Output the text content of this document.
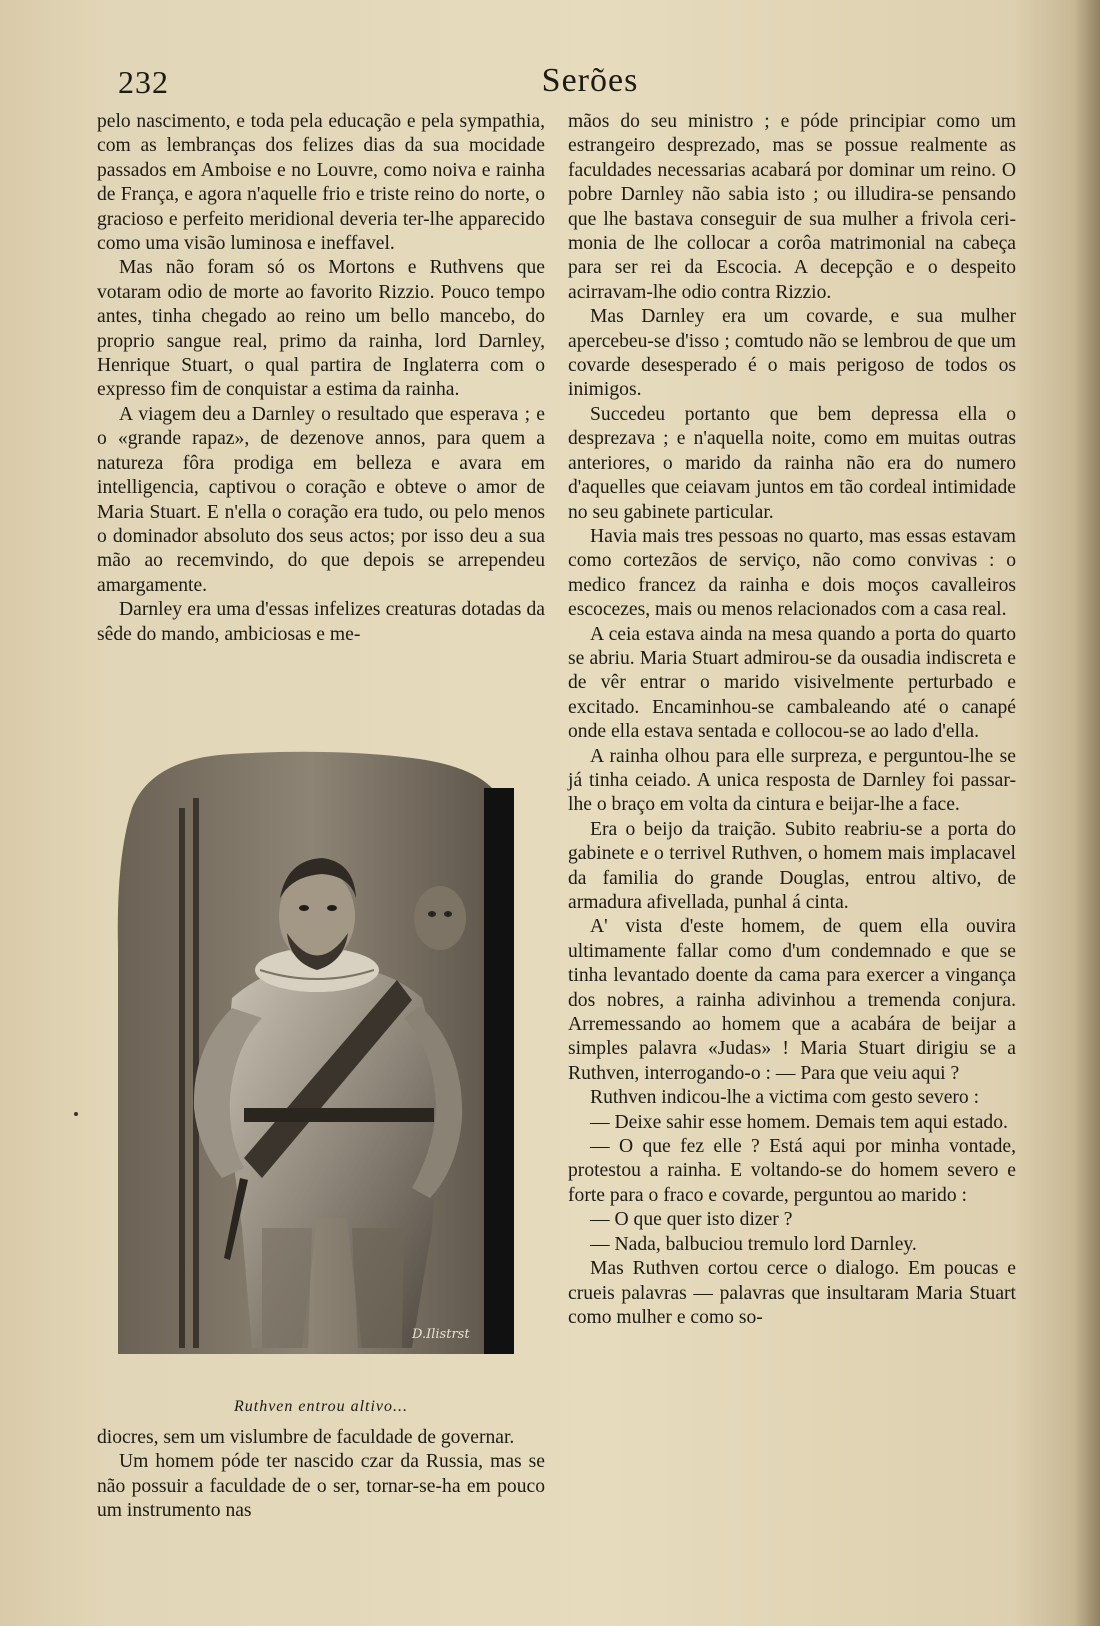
232	Serões

pelo nascimento, e toda pela educação e pela sympathia, com as lembranças dos felizes dias da sua mocidade passados em Amboise e no Louvre, como noiva e rainha de França, e agora n'aquelle frio e triste reino do norte, o gracioso e perfeito meridional deveria ter-lhe apparecido como uma visão luminosa e ineffavel.

Mas não foram só os Mortons e Ruthvens que votaram odio de morte ao favorito Rizzio. Pouco tempo antes, tinha chegado ao reino um bello mancebo, do proprio sangue real, primo da rainha, lord Darnley, Henrique Stuart, o qual partira de Inglaterra com o expresso fim de conquistar a estima da rainha.

A viagem deu a Darnley o resultado que esperava ; e o «grande rapaz», de dezenove annos, para quem a natureza fôra prodiga em belleza e avara em intelligencia, captivou o coração e obteve o amor de Maria Stuart. E n'ella o coração era tudo, ou pelo menos o dominador absoluto dos seus actos; por isso deu a sua mão ao recemvindo, do que depois se arrependeu amargamente.

Darnley era uma d'essas infelizes creaturas dotadas da sêde do mando, ambiciosas e me-

diocres, sem um vislumbre de faculdade de governar.

Um homem póde ter nascido czar da Russia, mas se não possuir a faculdade de o ser, tornar-se-ha em pouco um instrumento nas

D.Ilistrst
Ruthven entrou altivo...

mãos do seu ministro ; e póde principiar como um estrangeiro desprezado, mas se possue realmente as faculdades necessarias acabará por dominar um reino. O pobre Darnley não sabia isto ; ou illudira-se pensando que lhe bastava conseguir de sua mulher a frivola ceri-monia de lhe collocar a corôa matrimonial na cabeça para ser rei da Escocia. A decepção e o despeito acirravam-lhe odio contra Rizzio.

Mas Darnley era um covarde, e sua mulher apercebeu-se d'isso ; comtudo não se lembrou de que um covarde desesperado é o mais perigoso de todos os inimigos.

Succedeu portanto que bem depressa ella o desprezava ; e n'aquella noite, como em muitas outras anteriores, o marido da rainha não era do numero d'aquelles que ceiavam juntos em tão cordeal intimidade no seu gabinete particular.

Havia mais tres pessoas no quarto, mas essas estavam como cortezãos de serviço, não como convivas : o medico francez da rainha e dois moços cavalleiros escocezes, mais ou menos relacionados com a casa real.

A ceia estava ainda na mesa quando a porta do quarto se abriu. Maria Stuart admirou-se da ousadia indiscreta e de vêr entrar o marido visivelmente perturbado e excitado. Encaminhou-se cambaleando até o canapé onde ella estava sentada e collocou-se ao lado d'ella.

A rainha olhou para elle surpreza, e perguntou-lhe se já tinha ceiado. A unica resposta de Darnley foi passar-lhe o braço em volta da cintura e beijar-lhe a face.

Era o beijo da traição. Subito reabriu-se a porta do gabinete e o terrivel Ruthven, o homem mais implacavel da familia do grande Douglas, entrou altivo, de armadura afivellada, punhal á cinta.

A' vista d'este homem, de quem ella ouvira ultimamente fallar como d'um condemnado e que se tinha levantado doente da cama para exercer a vingança dos nobres, a rainha adivinhou a tremenda conjura. Arremessando ao homem que a acabára de beijar a simples palavra «Judas» ! Maria Stuart dirigiu se a Ruthven, interrogando-o : — Para que veiu aqui ?

Ruthven indicou-lhe a victima com gesto severo :

— Deixe sahir esse homem. Demais tem aqui estado.

— O que fez elle ? Está aqui por minha vontade, protestou a rainha. E voltando-se do homem severo e forte para o fraco e covarde, perguntou ao marido :

— O que quer isto dizer ?

— Nada, balbuciou tremulo lord Darnley.

Mas Ruthven cortou cerce o dialogo. Em poucas e crueis palavras — palavras que insultaram Maria Stuart como mulher e como so-
